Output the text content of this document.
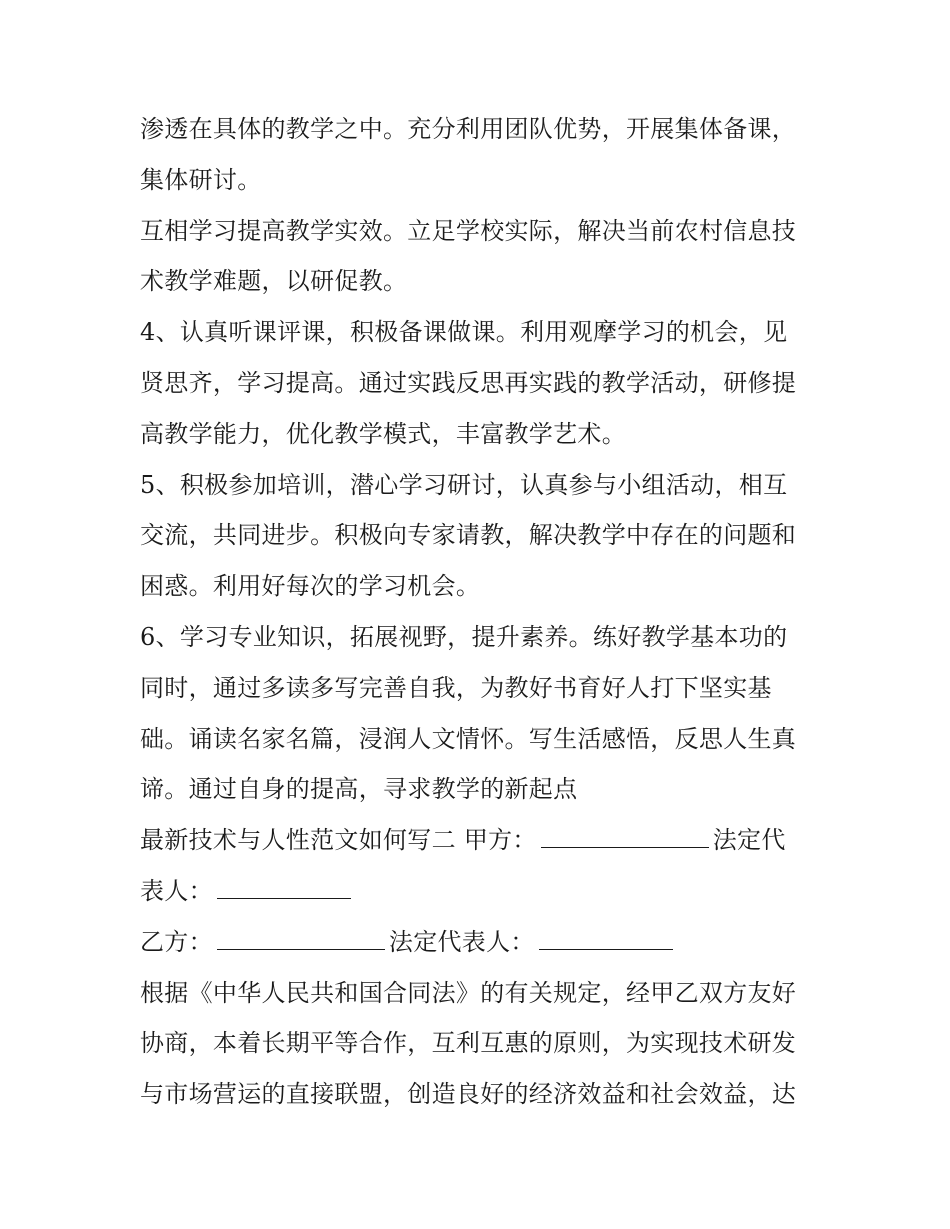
渗透在具体的教学之中。充分利用团队优势，开展集体备课，
集体研讨。
互相学习提高教学实效。立足学校实际，解决当前农村信息技
术教学难题，以研促教。
4、认真听课评课，积极备课做课。利用观摩学习的机会，见
贤思齐，学习提高。通过实践反思再实践的教学活动，研修提
高教学能力，优化教学模式，丰富教学艺术。
5、积极参加培训，潜心学习研讨，认真参与小组活动，相互
交流，共同进步。积极向专家请教，解决教学中存在的问题和
困惑。利用好每次的学习机会。
6、学习专业知识，拓展视野，提升素养。练好教学基本功的
同时，通过多读多写完善自我，为教好书育好人打下坚实基
础。诵读名家名篇，浸润人文情怀。写生活感悟，反思人生真
谛。通过自身的提高，寻求教学的新起点
最新技术与人性范文如何写二 甲方：	法定代
表人：
乙方：	法定代表人：
根据《中华人民共和国合同法》的有关规定，经甲乙双方友好
协商，本着长期平等合作，互利互惠的原则，为实现技术研发
与市场营运的直接联盟，创造良好的经济效益和社会效益，达
